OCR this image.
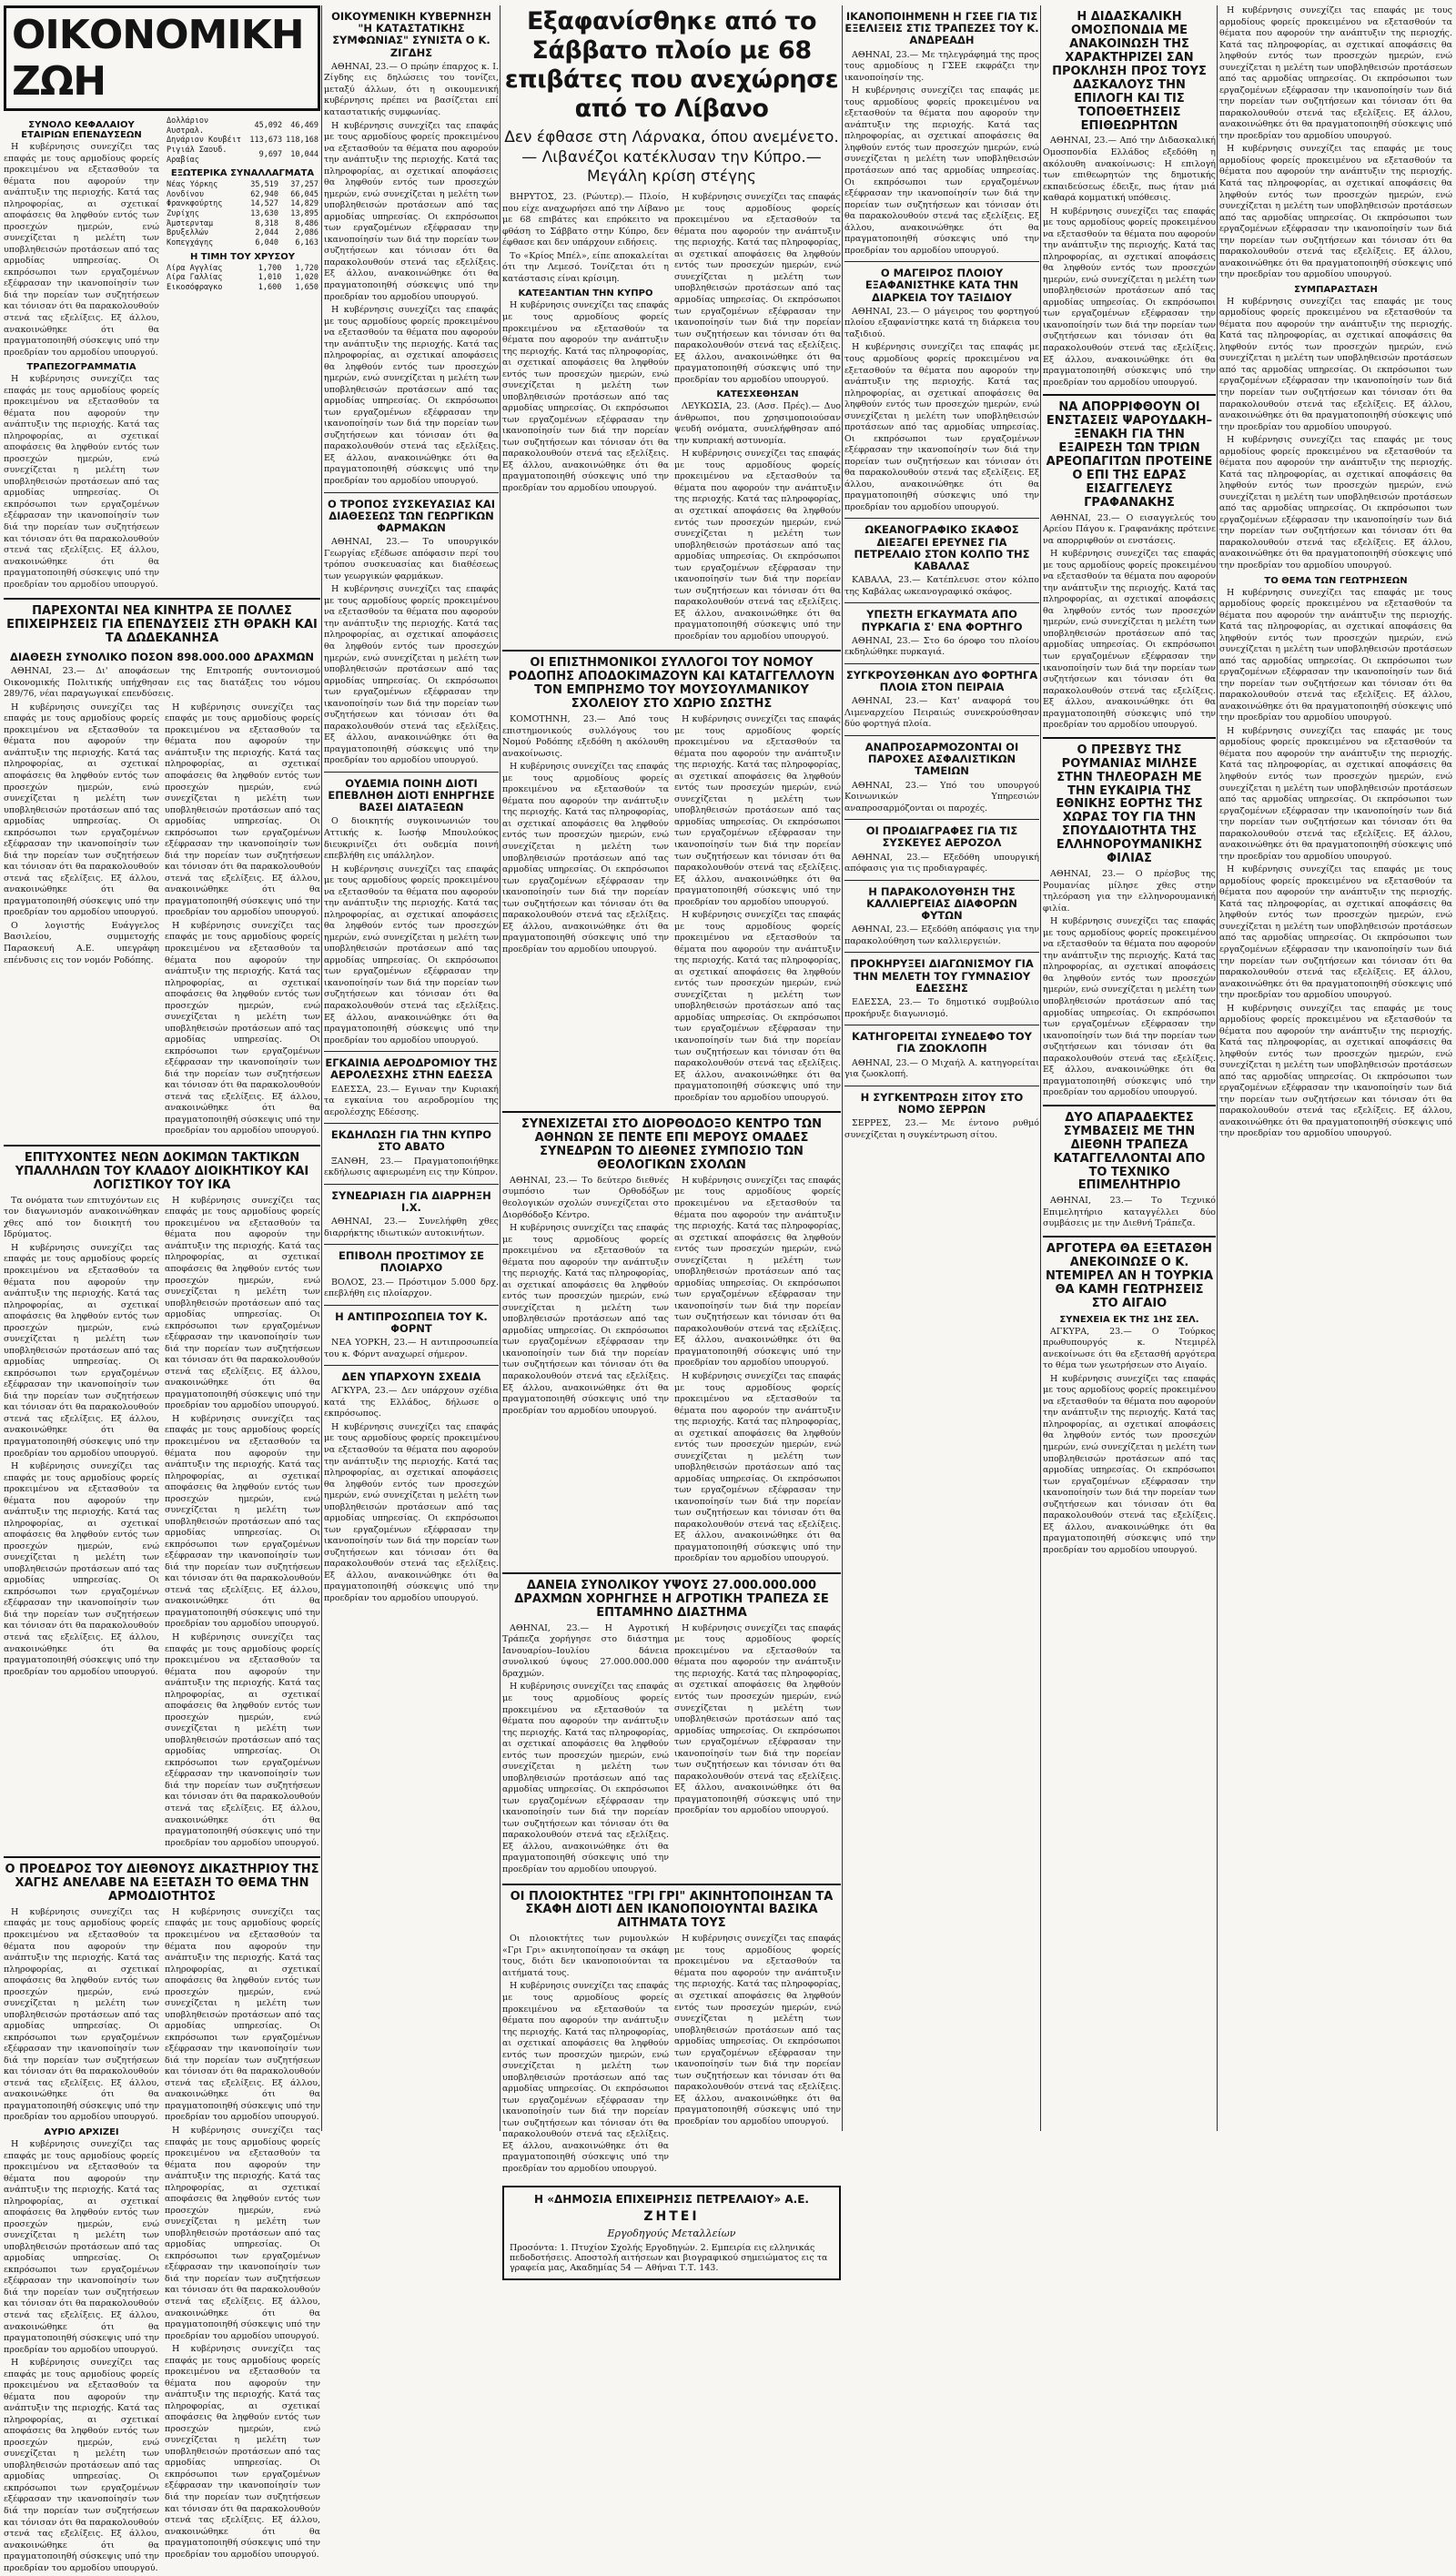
ΟΙΚΟΝΟΜΙΚΗ ΖΩΗ
ΣΥΝΟΛΟ ΚΕΦΑΛΑΙΟΥ ΕΤΑΙΡΙΩΝ ΕΠΕΝΔΥΣΕΩΝ

Η κυβέρνησις συνεχίζει τας επαφάς με τους αρμοδίους φορείς προκειμένου να εξετασθούν τα θέματα που αφορούν την ανάπτυξιν της περιοχής. Κατά τας πληροφορίας, αι σχετικαί αποφάσεις θα ληφθούν εντός των προσεχών ημερών, ενώ συνεχίζεται η μελέτη των υποβληθεισών προτάσεων από τας αρμοδίας υπηρεσίας. Οι εκπρόσωποι των εργαζομένων εξέφρασαν την ικανοποίησίν των διά την πορείαν των συζητήσεων και τόνισαν ότι θα παρακολουθούν στενά τας εξελίξεις. Εξ άλλου, ανακοινώθηκε ότι θα πραγματοποιηθή σύσκεψις υπό την προεδρίαν του αρμοδίου υπουργού.

ΤΡΑΠΕΖΟΓΡΑΜΜΑΤΙΑ

Η κυβέρνησις συνεχίζει τας επαφάς με τους αρμοδίους φορείς προκειμένου να εξετασθούν τα θέματα που αφορούν την ανάπτυξιν της περιοχής. Κατά τας πληροφορίας, αι σχετικαί αποφάσεις θα ληφθούν εντός των προσεχών ημερών, ενώ συνεχίζεται η μελέτη των υποβληθεισών προτάσεων από τας αρμοδίας υπηρεσίας. Οι εκπρόσωποι των εργαζομένων εξέφρασαν την ικανοποίησίν των διά την πορείαν των συζητήσεων και τόνισαν ότι θα παρακολουθούν στενά τας εξελίξεις. Εξ άλλου, ανακοινώθηκε ότι θα πραγματοποιηθή σύσκεψις υπό την προεδρίαν του αρμοδίου υπουργού.

Δολλάριον Αυστραλ.	45,092	46,469
Δηνάριον Κουβέιτ	113,673	118,168
Ριγιάλ Σαουδ. Αραβίας	9,697	10,044
ΕΞΩΤΕΡΙΚΑ ΣΥΝΑΛΛΑΓΜΑΤΑ
Νέας Υόρκης	35,519	37,257
Λονδίνου	62,940	66,045
Φρανκφούρτης	14,527	14,829
Ζυρίχης	13,630	13,895
Άμστερνταμ	8,318	8,486
Βρυξελλών	2,044	2,086
Κοπεγχάγης	6,040	6,163
Η ΤΙΜΗ ΤΟΥ ΧΡΥΣΟΥ
Λίρα Αγγλίας	1,700	1,720
Λίρα Γαλλίας	1,010	1,020
Εικοσόφραγκο	1,600	1,650
ΠΑΡΕΧΟΝΤΑΙ ΝΕΑ ΚΙΝΗΤΡΑ ΣΕ ΠΟΛΛΕΣ ΕΠΙΧΕΙΡΗΣΕΙΣ ΓΙΑ ΕΠΕΝΔΥΣΕΙΣ ΣΤΗ ΘΡΑΚΗ ΚΑΙ ΤΑ ΔΩΔΕΚΑΝΗΣΑ
ΔΙΑΘΕΣΗ ΣΥΝΟΛΙΚΟ ΠΟΣΟΝ 898.000.000 ΔΡΑΧΜΩΝ

ΑΘΗΝΑΙ, 23.— Δι' αποφάσεων της Επιτροπής συντονισμού Οικονομικής Πολιτικής υπήχθησαν εις τας διατάξεις του νόμου 289/76, νέαι παραγωγικαί επενδύσεις.

Η κυβέρνησις συνεχίζει τας επαφάς με τους αρμοδίους φορείς προκειμένου να εξετασθούν τα θέματα που αφορούν την ανάπτυξιν της περιοχής. Κατά τας πληροφορίας, αι σχετικαί αποφάσεις θα ληφθούν εντός των προσεχών ημερών, ενώ συνεχίζεται η μελέτη των υποβληθεισών προτάσεων από τας αρμοδίας υπηρεσίας. Οι εκπρόσωποι των εργαζομένων εξέφρασαν την ικανοποίησίν των διά την πορείαν των συζητήσεων και τόνισαν ότι θα παρακολουθούν στενά τας εξελίξεις. Εξ άλλου, ανακοινώθηκε ότι θα πραγματοποιηθή σύσκεψις υπό την προεδρίαν του αρμοδίου υπουργού.

Ο λογιστής Ευάγγελος Βασιλείου, συμμετοχής Παρασκευή Α.Ε. υπεγράφη επένδυσις εις τον νομόν Ροδόπης.

Η κυβέρνησις συνεχίζει τας επαφάς με τους αρμοδίους φορείς προκειμένου να εξετασθούν τα θέματα που αφορούν την ανάπτυξιν της περιοχής. Κατά τας πληροφορίας, αι σχετικαί αποφάσεις θα ληφθούν εντός των προσεχών ημερών, ενώ συνεχίζεται η μελέτη των υποβληθεισών προτάσεων από τας αρμοδίας υπηρεσίας. Οι εκπρόσωποι των εργαζομένων εξέφρασαν την ικανοποίησίν των διά την πορείαν των συζητήσεων και τόνισαν ότι θα παρακολουθούν στενά τας εξελίξεις. Εξ άλλου, ανακοινώθηκε ότι θα πραγματοποιηθή σύσκεψις υπό την προεδρίαν του αρμοδίου υπουργού.

Η κυβέρνησις συνεχίζει τας επαφάς με τους αρμοδίους φορείς προκειμένου να εξετασθούν τα θέματα που αφορούν την ανάπτυξιν της περιοχής. Κατά τας πληροφορίας, αι σχετικαί αποφάσεις θα ληφθούν εντός των προσεχών ημερών, ενώ συνεχίζεται η μελέτη των υποβληθεισών προτάσεων από τας αρμοδίας υπηρεσίας. Οι εκπρόσωποι των εργαζομένων εξέφρασαν την ικανοποίησίν των διά την πορείαν των συζητήσεων και τόνισαν ότι θα παρακολουθούν στενά τας εξελίξεις. Εξ άλλου, ανακοινώθηκε ότι θα πραγματοποιηθή σύσκεψις υπό την προεδρίαν του αρμοδίου υπουργού.

ΕΠΙΤΥΧΟΝΤΕΣ ΝΕΩΝ ΔΟΚΙΜΩΝ ΤΑΚΤΙΚΩΝ ΥΠΑΛΛΗΛΩΝ ΤΟΥ ΚΛΑΔΟΥ ΔΙΟΙΚΗΤΙΚΟΥ ΚΑΙ ΛΟΓΙΣΤΙΚΟΥ ΤΟΥ ΙΚΑ

Τα ονόματα των επιτυχόντων εις τον διαγωνισμόν ανακοινώθηκαν χθες από τον διοικητή του Ιδρύματος.

Η κυβέρνησις συνεχίζει τας επαφάς με τους αρμοδίους φορείς προκειμένου να εξετασθούν τα θέματα που αφορούν την ανάπτυξιν της περιοχής. Κατά τας πληροφορίας, αι σχετικαί αποφάσεις θα ληφθούν εντός των προσεχών ημερών, ενώ συνεχίζεται η μελέτη των υποβληθεισών προτάσεων από τας αρμοδίας υπηρεσίας. Οι εκπρόσωποι των εργαζομένων εξέφρασαν την ικανοποίησίν των διά την πορείαν των συζητήσεων και τόνισαν ότι θα παρακολουθούν στενά τας εξελίξεις. Εξ άλλου, ανακοινώθηκε ότι θα πραγματοποιηθή σύσκεψις υπό την προεδρίαν του αρμοδίου υπουργού.

Η κυβέρνησις συνεχίζει τας επαφάς με τους αρμοδίους φορείς προκειμένου να εξετασθούν τα θέματα που αφορούν την ανάπτυξιν της περιοχής. Κατά τας πληροφορίας, αι σχετικαί αποφάσεις θα ληφθούν εντός των προσεχών ημερών, ενώ συνεχίζεται η μελέτη των υποβληθεισών προτάσεων από τας αρμοδίας υπηρεσίας. Οι εκπρόσωποι των εργαζομένων εξέφρασαν την ικανοποίησίν των διά την πορείαν των συζητήσεων και τόνισαν ότι θα παρακολουθούν στενά τας εξελίξεις. Εξ άλλου, ανακοινώθηκε ότι θα πραγματοποιηθή σύσκεψις υπό την προεδρίαν του αρμοδίου υπουργού.

Η κυβέρνησις συνεχίζει τας επαφάς με τους αρμοδίους φορείς προκειμένου να εξετασθούν τα θέματα που αφορούν την ανάπτυξιν της περιοχής. Κατά τας πληροφορίας, αι σχετικαί αποφάσεις θα ληφθούν εντός των προσεχών ημερών, ενώ συνεχίζεται η μελέτη των υποβληθεισών προτάσεων από τας αρμοδίας υπηρεσίας. Οι εκπρόσωποι των εργαζομένων εξέφρασαν την ικανοποίησίν των διά την πορείαν των συζητήσεων και τόνισαν ότι θα παρακολουθούν στενά τας εξελίξεις. Εξ άλλου, ανακοινώθηκε ότι θα πραγματοποιηθή σύσκεψις υπό την προεδρίαν του αρμοδίου υπουργού.

Η κυβέρνησις συνεχίζει τας επαφάς με τους αρμοδίους φορείς προκειμένου να εξετασθούν τα θέματα που αφορούν την ανάπτυξιν της περιοχής. Κατά τας πληροφορίας, αι σχετικαί αποφάσεις θα ληφθούν εντός των προσεχών ημερών, ενώ συνεχίζεται η μελέτη των υποβληθεισών προτάσεων από τας αρμοδίας υπηρεσίας. Οι εκπρόσωποι των εργαζομένων εξέφρασαν την ικανοποίησίν των διά την πορείαν των συζητήσεων και τόνισαν ότι θα παρακολουθούν στενά τας εξελίξεις. Εξ άλλου, ανακοινώθηκε ότι θα πραγματοποιηθή σύσκεψις υπό την προεδρίαν του αρμοδίου υπουργού.

Η κυβέρνησις συνεχίζει τας επαφάς με τους αρμοδίους φορείς προκειμένου να εξετασθούν τα θέματα που αφορούν την ανάπτυξιν της περιοχής. Κατά τας πληροφορίας, αι σχετικαί αποφάσεις θα ληφθούν εντός των προσεχών ημερών, ενώ συνεχίζεται η μελέτη των υποβληθεισών προτάσεων από τας αρμοδίας υπηρεσίας. Οι εκπρόσωποι των εργαζομένων εξέφρασαν την ικανοποίησίν των διά την πορείαν των συζητήσεων και τόνισαν ότι θα παρακολουθούν στενά τας εξελίξεις. Εξ άλλου, ανακοινώθηκε ότι θα πραγματοποιηθή σύσκεψις υπό την προεδρίαν του αρμοδίου υπουργού.

Ο ΠΡΟΕΔΡΟΣ ΤΟΥ ΔΙΕΘΝΟΥΣ ΔΙΚΑΣΤΗΡΙΟΥ ΤΗΣ ΧΑΓΗΣ ΑΝΕΛΑΒΕ ΝΑ ΕΞΕΤΑΣΗ ΤΟ ΘΕΜΑ ΤΗΝ ΑΡΜΟΔΙΟΤΗΤΟΣ

Η κυβέρνησις συνεχίζει τας επαφάς με τους αρμοδίους φορείς προκειμένου να εξετασθούν τα θέματα που αφορούν την ανάπτυξιν της περιοχής. Κατά τας πληροφορίας, αι σχετικαί αποφάσεις θα ληφθούν εντός των προσεχών ημερών, ενώ συνεχίζεται η μελέτη των υποβληθεισών προτάσεων από τας αρμοδίας υπηρεσίας. Οι εκπρόσωποι των εργαζομένων εξέφρασαν την ικανοποίησίν των διά την πορείαν των συζητήσεων και τόνισαν ότι θα παρακολουθούν στενά τας εξελίξεις. Εξ άλλου, ανακοινώθηκε ότι θα πραγματοποιηθή σύσκεψις υπό την προεδρίαν του αρμοδίου υπουργού.

ΑΥΡΙΟ ΑΡΧΙΖΕΙ

Η κυβέρνησις συνεχίζει τας επαφάς με τους αρμοδίους φορείς προκειμένου να εξετασθούν τα θέματα που αφορούν την ανάπτυξιν της περιοχής. Κατά τας πληροφορίας, αι σχετικαί αποφάσεις θα ληφθούν εντός των προσεχών ημερών, ενώ συνεχίζεται η μελέτη των υποβληθεισών προτάσεων από τας αρμοδίας υπηρεσίας. Οι εκπρόσωποι των εργαζομένων εξέφρασαν την ικανοποίησίν των διά την πορείαν των συζητήσεων και τόνισαν ότι θα παρακολουθούν στενά τας εξελίξεις. Εξ άλλου, ανακοινώθηκε ότι θα πραγματοποιηθή σύσκεψις υπό την προεδρίαν του αρμοδίου υπουργού.

Η κυβέρνησις συνεχίζει τας επαφάς με τους αρμοδίους φορείς προκειμένου να εξετασθούν τα θέματα που αφορούν την ανάπτυξιν της περιοχής. Κατά τας πληροφορίας, αι σχετικαί αποφάσεις θα ληφθούν εντός των προσεχών ημερών, ενώ συνεχίζεται η μελέτη των υποβληθεισών προτάσεων από τας αρμοδίας υπηρεσίας. Οι εκπρόσωποι των εργαζομένων εξέφρασαν την ικανοποίησίν των διά την πορείαν των συζητήσεων και τόνισαν ότι θα παρακολουθούν στενά τας εξελίξεις. Εξ άλλου, ανακοινώθηκε ότι θα πραγματοποιηθή σύσκεψις υπό την προεδρίαν του αρμοδίου υπουργού.

Η κυβέρνησις συνεχίζει τας επαφάς με τους αρμοδίους φορείς προκειμένου να εξετασθούν τα θέματα που αφορούν την ανάπτυξιν της περιοχής. Κατά τας πληροφορίας, αι σχετικαί αποφάσεις θα ληφθούν εντός των προσεχών ημερών, ενώ συνεχίζεται η μελέτη των υποβληθεισών προτάσεων από τας αρμοδίας υπηρεσίας. Οι εκπρόσωποι των εργαζομένων εξέφρασαν την ικανοποίησίν των διά την πορείαν των συζητήσεων και τόνισαν ότι θα παρακολουθούν στενά τας εξελίξεις. Εξ άλλου, ανακοινώθηκε ότι θα πραγματοποιηθή σύσκεψις υπό την προεδρίαν του αρμοδίου υπουργού.

Η κυβέρνησις συνεχίζει τας επαφάς με τους αρμοδίους φορείς προκειμένου να εξετασθούν τα θέματα που αφορούν την ανάπτυξιν της περιοχής. Κατά τας πληροφορίας, αι σχετικαί αποφάσεις θα ληφθούν εντός των προσεχών ημερών, ενώ συνεχίζεται η μελέτη των υποβληθεισών προτάσεων από τας αρμοδίας υπηρεσίας. Οι εκπρόσωποι των εργαζομένων εξέφρασαν την ικανοποίησίν των διά την πορείαν των συζητήσεων και τόνισαν ότι θα παρακολουθούν στενά τας εξελίξεις. Εξ άλλου, ανακοινώθηκε ότι θα πραγματοποιηθή σύσκεψις υπό την προεδρίαν του αρμοδίου υπουργού.

Η κυβέρνησις συνεχίζει τας επαφάς με τους αρμοδίους φορείς προκειμένου να εξετασθούν τα θέματα που αφορούν την ανάπτυξιν της περιοχής. Κατά τας πληροφορίας, αι σχετικαί αποφάσεις θα ληφθούν εντός των προσεχών ημερών, ενώ συνεχίζεται η μελέτη των υποβληθεισών προτάσεων από τας αρμοδίας υπηρεσίας. Οι εκπρόσωποι των εργαζομένων εξέφρασαν την ικανοποίησίν των διά την πορείαν των συζητήσεων και τόνισαν ότι θα παρακολουθούν στενά τας εξελίξεις. Εξ άλλου, ανακοινώθηκε ότι θα πραγματοποιηθή σύσκεψις υπό την προεδρίαν του αρμοδίου υπουργού.

ΟΙΚΟΥΜΕΝΙΚΗ ΚΥΒΕΡΝΗΣΗ "Η ΚΑΤΑΣΤΑΤΙΚΗΣ ΣΥΜΦΩΝΙΑΣ" ΣΥΝΙΣΤΑ Ο Κ. ΖΙΓΔΗΣ

ΑΘΗΝΑΙ, 23.— Ο πρώην έπαρχος κ. Ι. Ζίγδης εις δηλώσεις του τονίζει, μεταξύ άλλων, ότι η οικουμενική κυβέρνησις πρέπει να βασίζεται επί καταστατικής συμφωνίας.

Η κυβέρνησις συνεχίζει τας επαφάς με τους αρμοδίους φορείς προκειμένου να εξετασθούν τα θέματα που αφορούν την ανάπτυξιν της περιοχής. Κατά τας πληροφορίας, αι σχετικαί αποφάσεις θα ληφθούν εντός των προσεχών ημερών, ενώ συνεχίζεται η μελέτη των υποβληθεισών προτάσεων από τας αρμοδίας υπηρεσίας. Οι εκπρόσωποι των εργαζομένων εξέφρασαν την ικανοποίησίν των διά την πορείαν των συζητήσεων και τόνισαν ότι θα παρακολουθούν στενά τας εξελίξεις. Εξ άλλου, ανακοινώθηκε ότι θα πραγματοποιηθή σύσκεψις υπό την προεδρίαν του αρμοδίου υπουργού.

Η κυβέρνησις συνεχίζει τας επαφάς με τους αρμοδίους φορείς προκειμένου να εξετασθούν τα θέματα που αφορούν την ανάπτυξιν της περιοχής. Κατά τας πληροφορίας, αι σχετικαί αποφάσεις θα ληφθούν εντός των προσεχών ημερών, ενώ συνεχίζεται η μελέτη των υποβληθεισών προτάσεων από τας αρμοδίας υπηρεσίας. Οι εκπρόσωποι των εργαζομένων εξέφρασαν την ικανοποίησίν των διά την πορείαν των συζητήσεων και τόνισαν ότι θα παρακολουθούν στενά τας εξελίξεις. Εξ άλλου, ανακοινώθηκε ότι θα πραγματοποιηθή σύσκεψις υπό την προεδρίαν του αρμοδίου υπουργού.

Ο ΤΡΟΠΟΣ ΣΥΣΚΕΥΑΣΙΑΣ ΚΑΙ ΔΙΑΘΕΣΕΩΣ ΤΩΝ ΓΕΩΡΓΙΚΩΝ ΦΑΡΜΑΚΩΝ

ΑΘΗΝΑΙ, 23.— Το υπουργικόν Γεωργίας εξέδωσε απόφασιν περί του τρόπου συσκευασίας και διαθέσεως των γεωργικών φαρμάκων.

Η κυβέρνησις συνεχίζει τας επαφάς με τους αρμοδίους φορείς προκειμένου να εξετασθούν τα θέματα που αφορούν την ανάπτυξιν της περιοχής. Κατά τας πληροφορίας, αι σχετικαί αποφάσεις θα ληφθούν εντός των προσεχών ημερών, ενώ συνεχίζεται η μελέτη των υποβληθεισών προτάσεων από τας αρμοδίας υπηρεσίας. Οι εκπρόσωποι των εργαζομένων εξέφρασαν την ικανοποίησίν των διά την πορείαν των συζητήσεων και τόνισαν ότι θα παρακολουθούν στενά τας εξελίξεις. Εξ άλλου, ανακοινώθηκε ότι θα πραγματοποιηθή σύσκεψις υπό την προεδρίαν του αρμοδίου υπουργού.

ΟΥΔΕΜΙΑ ΠΟΙΝΗ ΔΙΟΤΙ ΕΠΕΒΛΗΘΗ ΔΙΟΤΙ ΕΝΗΡΓΗΣΕ ΒΑΣΕΙ ΔΙΑΤΑΞΕΩΝ

Ο διοικητής συγκοινωνιών του Αττικής κ. Ιωσήφ Μπουλούκος διευκρινίζει ότι ουδεμία ποινή επεβλήθη εις υπάλληλον.

Η κυβέρνησις συνεχίζει τας επαφάς με τους αρμοδίους φορείς προκειμένου να εξετασθούν τα θέματα που αφορούν την ανάπτυξιν της περιοχής. Κατά τας πληροφορίας, αι σχετικαί αποφάσεις θα ληφθούν εντός των προσεχών ημερών, ενώ συνεχίζεται η μελέτη των υποβληθεισών προτάσεων από τας αρμοδίας υπηρεσίας. Οι εκπρόσωποι των εργαζομένων εξέφρασαν την ικανοποίησίν των διά την πορείαν των συζητήσεων και τόνισαν ότι θα παρακολουθούν στενά τας εξελίξεις. Εξ άλλου, ανακοινώθηκε ότι θα πραγματοποιηθή σύσκεψις υπό την προεδρίαν του αρμοδίου υπουργού.

ΕΓΚΑΙΝΙΑ ΑΕΡΟΔΡΟΜΙΟΥ ΤΗΣ ΑΕΡΟΛΕΣΧΗΣ ΣΤΗΝ ΕΔΕΣΣΑ

ΕΔΕΣΣΑ, 23.— Εγιναν την Κυριακή τα εγκαίνια του αεροδρομίου της αερολέσχης Εδέσσης.

ΕΚΔΗΛΩΣΗ ΓΙΑ ΤΗΝ ΚΥΠΡΟ ΣΤΟ ΑΒΑΤΟ

ΞΑΝΘΗ, 23.— Πραγματοποιήθηκε εκδήλωσις αφιερωμένη εις την Κύπρον.

ΣΥΝΕΔΡΙΑΣΗ ΓΙΑ ΔΙΑΡΡΗΞΗ Ι.Χ.

ΑΘΗΝΑΙ, 23.— Συνελήφθη χθες διαρρήκτης ιδιωτικών αυτοκινήτων.

ΕΠΙΒΟΛΗ ΠΡΟΣΤΙΜΟΥ ΣΕ ΠΛΟΙΑΡΧΟ

ΒΟΛΟΣ, 23.— Πρόστιμον 5.000 δρχ. επεβλήθη εις πλοίαρχον.

Η ΑΝΤΙΠΡΟΣΩΠΕΙΑ ΤΟΥ Κ. ΦΟΡΝΤ

ΝΕΑ ΥΟΡΚΗ, 23.— Η αντιπροσωπεία του κ. Φόρντ αναχωρεί σήμερον.

ΔΕΝ ΥΠΑΡΧΟΥΝ ΣΧΕΔΙΑ

ΑΓΚΥΡΑ, 23.— Δεν υπάρχουν σχέδια κατά της Ελλάδος, δήλωσε ο εκπρόσωπος.

Η κυβέρνησις συνεχίζει τας επαφάς με τους αρμοδίους φορείς προκειμένου να εξετασθούν τα θέματα που αφορούν την ανάπτυξιν της περιοχής. Κατά τας πληροφορίας, αι σχετικαί αποφάσεις θα ληφθούν εντός των προσεχών ημερών, ενώ συνεχίζεται η μελέτη των υποβληθεισών προτάσεων από τας αρμοδίας υπηρεσίας. Οι εκπρόσωποι των εργαζομένων εξέφρασαν την ικανοποίησίν των διά την πορείαν των συζητήσεων και τόνισαν ότι θα παρακολουθούν στενά τας εξελίξεις. Εξ άλλου, ανακοινώθηκε ότι θα πραγματοποιηθή σύσκεψις υπό την προεδρίαν του αρμοδίου υπουργού.

Εξαφανίσθηκε από το Σάββατο πλοίο με 68 επιβάτες που ανεχώρησε από το Λίβανο
Δεν έφθασε στη Λάρνακα, όπου ανεμένετο.— Λιβανέζοι κατέκλυσαν την Κύπρο.— Μεγάλη κρίση στέγης

ΒΗΡΥΤΟΣ, 23. (Ρώυτερ).— Πλοίο, που είχε αναχωρήσει από την Λίβανο με 68 επιβάτες και επρόκειτο να φθάση το Σάββατο στην Κύπρο, δεν έφθασε και δεν υπάρχουν ειδήσεις.

Το «Κρίος Μπέλ», είπε αποκαλείται ότι την Λεμεσό. Τονίζεται ότι η κατάστασις είναι κρίσιμη.

ΚΑΤΕΞΑΝΤΙΑΝ ΤΗΝ ΚΥΠΡΟ

Η κυβέρνησις συνεχίζει τας επαφάς με τους αρμοδίους φορείς προκειμένου να εξετασθούν τα θέματα που αφορούν την ανάπτυξιν της περιοχής. Κατά τας πληροφορίας, αι σχετικαί αποφάσεις θα ληφθούν εντός των προσεχών ημερών, ενώ συνεχίζεται η μελέτη των υποβληθεισών προτάσεων από τας αρμοδίας υπηρεσίας. Οι εκπρόσωποι των εργαζομένων εξέφρασαν την ικανοποίησίν των διά την πορείαν των συζητήσεων και τόνισαν ότι θα παρακολουθούν στενά τας εξελίξεις. Εξ άλλου, ανακοινώθηκε ότι θα πραγματοποιηθή σύσκεψις υπό την προεδρίαν του αρμοδίου υπουργού.

Η κυβέρνησις συνεχίζει τας επαφάς με τους αρμοδίους φορείς προκειμένου να εξετασθούν τα θέματα που αφορούν την ανάπτυξιν της περιοχής. Κατά τας πληροφορίας, αι σχετικαί αποφάσεις θα ληφθούν εντός των προσεχών ημερών, ενώ συνεχίζεται η μελέτη των υποβληθεισών προτάσεων από τας αρμοδίας υπηρεσίας. Οι εκπρόσωποι των εργαζομένων εξέφρασαν την ικανοποίησίν των διά την πορείαν των συζητήσεων και τόνισαν ότι θα παρακολουθούν στενά τας εξελίξεις. Εξ άλλου, ανακοινώθηκε ότι θα πραγματοποιηθή σύσκεψις υπό την προεδρίαν του αρμοδίου υπουργού.

ΚΑΤΕΣΧΕΘΗΣΑΝ

ΛΕΥΚΩΣΙΑ, 23. (Ασσ. Πρές).— Δυο άνθρωποι, που χρησιμοποιούσαν ψευδή ονόματα, συνελήφθησαν από την κυπριακή αστυνομία.

Η κυβέρνησις συνεχίζει τας επαφάς με τους αρμοδίους φορείς προκειμένου να εξετασθούν τα θέματα που αφορούν την ανάπτυξιν της περιοχής. Κατά τας πληροφορίας, αι σχετικαί αποφάσεις θα ληφθούν εντός των προσεχών ημερών, ενώ συνεχίζεται η μελέτη των υποβληθεισών προτάσεων από τας αρμοδίας υπηρεσίας. Οι εκπρόσωποι των εργαζομένων εξέφρασαν την ικανοποίησίν των διά την πορείαν των συζητήσεων και τόνισαν ότι θα παρακολουθούν στενά τας εξελίξεις. Εξ άλλου, ανακοινώθηκε ότι θα πραγματοποιηθή σύσκεψις υπό την προεδρίαν του αρμοδίου υπουργού.

ΟΙ ΕΠΙΣΤΗΜΟΝΙΚΟΙ ΣΥΛΛΟΓΟΙ ΤΟΥ ΝΟΜΟΥ ΡΟΔΟΠΗΣ ΑΠΟΔΟΚΙΜΑΖΟΥΝ ΚΑΙ ΚΑΤΑΓΓΕΛΛΟΥΝ ΤΟΝ ΕΜΠΡΗΣΜΟ ΤΟΥ ΜΟΥΣΟΥΛΜΑΝΙΚΟΥ ΣΧΟΛΕΙΟΥ ΣΤΟ ΧΩΡΙΟ ΣΩΣΤΗΣ

ΚΟΜΟΤΗΝΗ, 23.— Από τους επιστημονικούς συλλόγους του Νομού Ροδόπης εξεδόθη η ακόλουθη ανακοίνωσις.

Η κυβέρνησις συνεχίζει τας επαφάς με τους αρμοδίους φορείς προκειμένου να εξετασθούν τα θέματα που αφορούν την ανάπτυξιν της περιοχής. Κατά τας πληροφορίας, αι σχετικαί αποφάσεις θα ληφθούν εντός των προσεχών ημερών, ενώ συνεχίζεται η μελέτη των υποβληθεισών προτάσεων από τας αρμοδίας υπηρεσίας. Οι εκπρόσωποι των εργαζομένων εξέφρασαν την ικανοποίησίν των διά την πορείαν των συζητήσεων και τόνισαν ότι θα παρακολουθούν στενά τας εξελίξεις. Εξ άλλου, ανακοινώθηκε ότι θα πραγματοποιηθή σύσκεψις υπό την προεδρίαν του αρμοδίου υπουργού.

Η κυβέρνησις συνεχίζει τας επαφάς με τους αρμοδίους φορείς προκειμένου να εξετασθούν τα θέματα που αφορούν την ανάπτυξιν της περιοχής. Κατά τας πληροφορίας, αι σχετικαί αποφάσεις θα ληφθούν εντός των προσεχών ημερών, ενώ συνεχίζεται η μελέτη των υποβληθεισών προτάσεων από τας αρμοδίας υπηρεσίας. Οι εκπρόσωποι των εργαζομένων εξέφρασαν την ικανοποίησίν των διά την πορείαν των συζητήσεων και τόνισαν ότι θα παρακολουθούν στενά τας εξελίξεις. Εξ άλλου, ανακοινώθηκε ότι θα πραγματοποιηθή σύσκεψις υπό την προεδρίαν του αρμοδίου υπουργού.

Η κυβέρνησις συνεχίζει τας επαφάς με τους αρμοδίους φορείς προκειμένου να εξετασθούν τα θέματα που αφορούν την ανάπτυξιν της περιοχής. Κατά τας πληροφορίας, αι σχετικαί αποφάσεις θα ληφθούν εντός των προσεχών ημερών, ενώ συνεχίζεται η μελέτη των υποβληθεισών προτάσεων από τας αρμοδίας υπηρεσίας. Οι εκπρόσωποι των εργαζομένων εξέφρασαν την ικανοποίησίν των διά την πορείαν των συζητήσεων και τόνισαν ότι θα παρακολουθούν στενά τας εξελίξεις. Εξ άλλου, ανακοινώθηκε ότι θα πραγματοποιηθή σύσκεψις υπό την προεδρίαν του αρμοδίου υπουργού.

ΣΥΝΕΧΙΖΕΤΑΙ ΣΤΟ ΔΙΟΡΘΟΔΟΞΟ ΚΕΝΤΡΟ ΤΩΝ ΑΘΗΝΩΝ ΣΕ ΠΕΝΤΕ ΕΠΙ ΜΕΡΟΥΣ ΟΜΑΔΕΣ ΣΥΝΕΔΡΩΝ ΤΟ ΔΙΕΘΝΕΣ ΣΥΜΠΟΣΙΟ ΤΩΝ ΘΕΟΛΟΓΙΚΩΝ ΣΧΟΛΩΝ

ΑΘΗΝΑΙ, 23.— Το δεύτερο διεθνές συμπόσιο των Ορθοδόξων θεολογικών σχολών συνεχίζεται στο Διορθόδοξο Κέντρο.

Η κυβέρνησις συνεχίζει τας επαφάς με τους αρμοδίους φορείς προκειμένου να εξετασθούν τα θέματα που αφορούν την ανάπτυξιν της περιοχής. Κατά τας πληροφορίας, αι σχετικαί αποφάσεις θα ληφθούν εντός των προσεχών ημερών, ενώ συνεχίζεται η μελέτη των υποβληθεισών προτάσεων από τας αρμοδίας υπηρεσίας. Οι εκπρόσωποι των εργαζομένων εξέφρασαν την ικανοποίησίν των διά την πορείαν των συζητήσεων και τόνισαν ότι θα παρακολουθούν στενά τας εξελίξεις. Εξ άλλου, ανακοινώθηκε ότι θα πραγματοποιηθή σύσκεψις υπό την προεδρίαν του αρμοδίου υπουργού.

Η κυβέρνησις συνεχίζει τας επαφάς με τους αρμοδίους φορείς προκειμένου να εξετασθούν τα θέματα που αφορούν την ανάπτυξιν της περιοχής. Κατά τας πληροφορίας, αι σχετικαί αποφάσεις θα ληφθούν εντός των προσεχών ημερών, ενώ συνεχίζεται η μελέτη των υποβληθεισών προτάσεων από τας αρμοδίας υπηρεσίας. Οι εκπρόσωποι των εργαζομένων εξέφρασαν την ικανοποίησίν των διά την πορείαν των συζητήσεων και τόνισαν ότι θα παρακολουθούν στενά τας εξελίξεις. Εξ άλλου, ανακοινώθηκε ότι θα πραγματοποιηθή σύσκεψις υπό την προεδρίαν του αρμοδίου υπουργού.

Η κυβέρνησις συνεχίζει τας επαφάς με τους αρμοδίους φορείς προκειμένου να εξετασθούν τα θέματα που αφορούν την ανάπτυξιν της περιοχής. Κατά τας πληροφορίας, αι σχετικαί αποφάσεις θα ληφθούν εντός των προσεχών ημερών, ενώ συνεχίζεται η μελέτη των υποβληθεισών προτάσεων από τας αρμοδίας υπηρεσίας. Οι εκπρόσωποι των εργαζομένων εξέφρασαν την ικανοποίησίν των διά την πορείαν των συζητήσεων και τόνισαν ότι θα παρακολουθούν στενά τας εξελίξεις. Εξ άλλου, ανακοινώθηκε ότι θα πραγματοποιηθή σύσκεψις υπό την προεδρίαν του αρμοδίου υπουργού.

ΔΑΝΕΙΑ ΣΥΝΟΛΙΚΟΥ ΥΨΟΥΣ 27.000.000.000 ΔΡΑΧΜΩΝ ΧΟΡΗΓΗΣΕ Η ΑΓΡΟΤΙΚΗ ΤΡΑΠΕΖΑ ΣΕ ΕΠΤΑΜΗΝΟ ΔΙΑΣΤΗΜΑ

ΑΘΗΝΑΙ, 23.— Η Αγροτική Τράπεζα χορήγησε στο διάστημα Ιανουαρίου–Ιουλίου δάνεια συνολικού ύψους 27.000.000.000 δραχμών.

Η κυβέρνησις συνεχίζει τας επαφάς με τους αρμοδίους φορείς προκειμένου να εξετασθούν τα θέματα που αφορούν την ανάπτυξιν της περιοχής. Κατά τας πληροφορίας, αι σχετικαί αποφάσεις θα ληφθούν εντός των προσεχών ημερών, ενώ συνεχίζεται η μελέτη των υποβληθεισών προτάσεων από τας αρμοδίας υπηρεσίας. Οι εκπρόσωποι των εργαζομένων εξέφρασαν την ικανοποίησίν των διά την πορείαν των συζητήσεων και τόνισαν ότι θα παρακολουθούν στενά τας εξελίξεις. Εξ άλλου, ανακοινώθηκε ότι θα πραγματοποιηθή σύσκεψις υπό την προεδρίαν του αρμοδίου υπουργού.

Η κυβέρνησις συνεχίζει τας επαφάς με τους αρμοδίους φορείς προκειμένου να εξετασθούν τα θέματα που αφορούν την ανάπτυξιν της περιοχής. Κατά τας πληροφορίας, αι σχετικαί αποφάσεις θα ληφθούν εντός των προσεχών ημερών, ενώ συνεχίζεται η μελέτη των υποβληθεισών προτάσεων από τας αρμοδίας υπηρεσίας. Οι εκπρόσωποι των εργαζομένων εξέφρασαν την ικανοποίησίν των διά την πορείαν των συζητήσεων και τόνισαν ότι θα παρακολουθούν στενά τας εξελίξεις. Εξ άλλου, ανακοινώθηκε ότι θα πραγματοποιηθή σύσκεψις υπό την προεδρίαν του αρμοδίου υπουργού.

ΟΙ ΠΛΟΙΟΚΤΗΤΕΣ "ΓΡΙ ΓΡΙ" ΑΚΙΝΗΤΟΠΟΙΗΣΑΝ ΤΑ ΣΚΑΦΗ ΔΙΟΤΙ ΔΕΝ ΙΚΑΝΟΠΟΙΟΥΝΤΑΙ ΒΑΣΙΚΑ ΑΙΤΗΜΑΤΑ ΤΟΥΣ

Οι πλοιοκτήτες των ρυμουλκών «Γρι Γρι» ακινητοποίησαν τα σκάφη τους, διότι δεν ικανοποιούνται τα αιτήματά τους.

Η κυβέρνησις συνεχίζει τας επαφάς με τους αρμοδίους φορείς προκειμένου να εξετασθούν τα θέματα που αφορούν την ανάπτυξιν της περιοχής. Κατά τας πληροφορίας, αι σχετικαί αποφάσεις θα ληφθούν εντός των προσεχών ημερών, ενώ συνεχίζεται η μελέτη των υποβληθεισών προτάσεων από τας αρμοδίας υπηρεσίας. Οι εκπρόσωποι των εργαζομένων εξέφρασαν την ικανοποίησίν των διά την πορείαν των συζητήσεων και τόνισαν ότι θα παρακολουθούν στενά τας εξελίξεις. Εξ άλλου, ανακοινώθηκε ότι θα πραγματοποιηθή σύσκεψις υπό την προεδρίαν του αρμοδίου υπουργού.

Η κυβέρνησις συνεχίζει τας επαφάς με τους αρμοδίους φορείς προκειμένου να εξετασθούν τα θέματα που αφορούν την ανάπτυξιν της περιοχής. Κατά τας πληροφορίας, αι σχετικαί αποφάσεις θα ληφθούν εντός των προσεχών ημερών, ενώ συνεχίζεται η μελέτη των υποβληθεισών προτάσεων από τας αρμοδίας υπηρεσίας. Οι εκπρόσωποι των εργαζομένων εξέφρασαν την ικανοποίησίν των διά την πορείαν των συζητήσεων και τόνισαν ότι θα παρακολουθούν στενά τας εξελίξεις. Εξ άλλου, ανακοινώθηκε ότι θα πραγματοποιηθή σύσκεψις υπό την προεδρίαν του αρμοδίου υπουργού.

Η «ΔΗΜΟΣΙΑ ΕΠΙΧΕΙΡΗΣΙΣ ΠΕΤΡΕΛΑΙΟΥ» Α.Ε.
ΖΗΤΕΙ
Εργοδηγούς Μεταλλείων
Προσόντα: 1. Πτυχίον Σχολής Εργοδηγών. 2. Εμπειρία εις ελληνικάς πεδοδοτήσεις. Αποστολή αιτήσεων και βιογραφικού σημειώματος εις τα γραφεία μας, Ακαδημίας 54 — Αθήναι Τ.Τ. 143.
ΙΚΑΝΟΠΟΙΗΜΕΝΗ Η ΓΣΕΕ ΓΙΑ ΤΙΣ ΕΞΕΛΙΞΕΙΣ ΣΤΙΣ ΤΡΑΠΕΖΕΣ ΤΟΥ Κ. ΑΝΔΡΕΑΔΗ

ΑΘΗΝΑΙ, 23.— Με τηλεγράφημά της προς τους αρμοδίους η ΓΣΕΕ εκφράζει την ικανοποίησίν της.

Η κυβέρνησις συνεχίζει τας επαφάς με τους αρμοδίους φορείς προκειμένου να εξετασθούν τα θέματα που αφορούν την ανάπτυξιν της περιοχής. Κατά τας πληροφορίας, αι σχετικαί αποφάσεις θα ληφθούν εντός των προσεχών ημερών, ενώ συνεχίζεται η μελέτη των υποβληθεισών προτάσεων από τας αρμοδίας υπηρεσίας. Οι εκπρόσωποι των εργαζομένων εξέφρασαν την ικανοποίησίν των διά την πορείαν των συζητήσεων και τόνισαν ότι θα παρακολουθούν στενά τας εξελίξεις. Εξ άλλου, ανακοινώθηκε ότι θα πραγματοποιηθή σύσκεψις υπό την προεδρίαν του αρμοδίου υπουργού.

Ο ΜΑΓΕΙΡΟΣ ΠΛΟΙΟΥ ΕΞΑΦΑΝΙΣΤΗΚΕ ΚΑΤΑ ΤΗΝ ΔΙΑΡΚΕΙΑ ΤΟΥ ΤΑΞΙΔΙΟΥ

ΑΘΗΝΑΙ, 23.— Ο μάγειρος του φορτηγού πλοίου εξαφανίστηκε κατά τη διάρκεια του ταξιδιού.

Η κυβέρνησις συνεχίζει τας επαφάς με τους αρμοδίους φορείς προκειμένου να εξετασθούν τα θέματα που αφορούν την ανάπτυξιν της περιοχής. Κατά τας πληροφορίας, αι σχετικαί αποφάσεις θα ληφθούν εντός των προσεχών ημερών, ενώ συνεχίζεται η μελέτη των υποβληθεισών προτάσεων από τας αρμοδίας υπηρεσίας. Οι εκπρόσωποι των εργαζομένων εξέφρασαν την ικανοποίησίν των διά την πορείαν των συζητήσεων και τόνισαν ότι θα παρακολουθούν στενά τας εξελίξεις. Εξ άλλου, ανακοινώθηκε ότι θα πραγματοποιηθή σύσκεψις υπό την προεδρίαν του αρμοδίου υπουργού.

ΩΚΕΑΝΟΓΡΑΦΙΚΟ ΣΚΑΦΟΣ ΔΙΕΞΑΓΕΙ ΕΡΕΥΝΕΣ ΓΙΑ ΠΕΤΡΕΛΑΙΟ ΣΤΟΝ ΚΟΛΠΟ ΤΗΣ ΚΑΒΑΛΑΣ

ΚΑΒΑΛΑ, 23.— Κατέπλευσε στον κόλπο της Καβάλας ωκεανογραφικό σκάφος.

ΥΠΕΣΤΗ ΕΓΚΑΥΜΑΤΑ ΑΠΟ ΠΥΡΚΑΓΙΑ Σ' ΕΝΑ ΦΟΡΤΗΓΟ

ΑΘΗΝΑΙ, 23.— Στο 6ο όροφο του πλοίου εκδηλώθηκε πυρκαγιά.

ΣΥΓΚΡΟΥΣΘΗΚΑΝ ΔΥΟ ΦΟΡΤΗΓΑ ΠΛΟΙΑ ΣΤΟΝ ΠΕΙΡΑΙΑ

ΑΘΗΝΑΙ, 23.— Κατ' αναφορά του Λιμεναρχείου Πειραιώς συνεκρούσθησαν δύο φορτηγά πλοία.

ΑΝΑΠΡΟΣΑΡΜΟΖΟΝΤΑΙ ΟΙ ΠΑΡΟΧΕΣ ΑΣΦΑΛΙΣΤΙΚΩΝ ΤΑΜΕΙΩΝ

ΑΘΗΝΑΙ, 23.— Υπό του υπουργού Κοινωνικών Υπηρεσιών αναπροσαρμόζονται οι παροχές.

ΟΙ ΠΡΟΔΙΑΓΡΑΦΕΣ ΓΙΑ ΤΙΣ ΣΥΣΚΕΥΕΣ ΑΕΡΟΖΟΛ

ΑΘΗΝΑΙ, 23.— Εξεδόθη υπουργική απόφασις για τις προδιαγραφές.

Η ΠΑΡΑΚΟΛΟΥΘΗΣΗ ΤΗΣ ΚΑΛΛΙΕΡΓΕΙΑΣ ΔΙΑΦΟΡΩΝ ΦΥΤΩΝ

ΑΘΗΝΑΙ, 23.— Εξεδόθη απόφασις για την παρακολούθηση των καλλιεργειών.

ΠΡΟΚΗΡΥΞΕΙ ΔΙΑΓΩΝΙΣΜΟΥ ΓΙΑ ΤΗΝ ΜΕΛΕΤΗ ΤΟΥ ΓΥΜΝΑΣΙΟΥ ΕΔΕΣΣΗΣ

ΕΔΕΣΣΑ, 23.— Το δημοτικό συμβούλιο προκήρυξε διαγωνισμό.

ΚΑΤΗΓΟΡΕΙΤΑΙ ΣΥΝΕΔΕΦΟ ΤΟΥ ΓΙΑ ΖΩΟΚΛΟΠΗ

ΑΘΗΝΑΙ, 23.— Ο Μιχαήλ Α. κατηγορείται για ζωοκλοπή.

Η ΣΥΓΚΕΝΤΡΩΣΗ ΣΙΤΟΥ ΣΤΟ ΝΟΜΟ ΣΕΡΡΩΝ

ΣΕΡΡΕΣ, 23.— Με έντονο ρυθμό συνεχίζεται η συγκέντρωση σίτου.

Η ΔΙΔΑΣΚΑΛΙΚΗ ΟΜΟΣΠΟΝΔΙΑ ΜΕ ΑΝΑΚΟΙΝΩΣΗ ΤΗΣ ΧΑΡΑΚΤΗΡΙΖΕΙ ΣΑΝ ΠΡΟΚΛΗΣΗ ΠΡΟΣ ΤΟΥΣ ΔΑΣΚΑΛΟΥΣ ΤΗΝ ΕΠΙΛΟΓΗ ΚΑΙ ΤΙΣ ΤΟΠΟΘΕΤΗΣΕΙΣ ΕΠΙΘΕΩΡΗΤΩΝ

ΑΘΗΝΑΙ, 23.— Από την Διδασκαλική Ομοσπονδία Ελλάδος εξεδόθη η ακόλουθη ανακοίνωσις: Η επιλογή των επιθεωρητών της δημοτικής εκπαιδεύσεως έδειξε, πως ήταν μιά καθαρά κομματική υπόθεσις.

Η κυβέρνησις συνεχίζει τας επαφάς με τους αρμοδίους φορείς προκειμένου να εξετασθούν τα θέματα που αφορούν την ανάπτυξιν της περιοχής. Κατά τας πληροφορίας, αι σχετικαί αποφάσεις θα ληφθούν εντός των προσεχών ημερών, ενώ συνεχίζεται η μελέτη των υποβληθεισών προτάσεων από τας αρμοδίας υπηρεσίας. Οι εκπρόσωποι των εργαζομένων εξέφρασαν την ικανοποίησίν των διά την πορείαν των συζητήσεων και τόνισαν ότι θα παρακολουθούν στενά τας εξελίξεις. Εξ άλλου, ανακοινώθηκε ότι θα πραγματοποιηθή σύσκεψις υπό την προεδρίαν του αρμοδίου υπουργού.

ΝΑ ΑΠΟΡΡΙΦΘΟΥΝ ΟΙ ΕΝΣΤΑΣΕΙΣ ΨΑΡΟΥΔΑΚΗ–ΞΕΝΑΚΗ ΓΙΑ ΤΗΝ ΕΞΑΙΡΕΣΗ ΤΩΝ ΤΡΙΩΝ ΑΡΕΟΠΑΓΙΤΩΝ ΠΡΟΤΕΙΝΕ Ο ΕΠΙ ΤΗΣ ΕΔΡΑΣ ΕΙΣΑΓΓΕΛΕΥΣ ΓΡΑΦΑΝΑΚΗΣ

ΑΘΗΝΑΙ, 23.— Ο εισαγγελεύς του Αρείου Πάγου κ. Γραφανάκης πρότεινε να απορριφθούν οι ενστάσεις.

Η κυβέρνησις συνεχίζει τας επαφάς με τους αρμοδίους φορείς προκειμένου να εξετασθούν τα θέματα που αφορούν την ανάπτυξιν της περιοχής. Κατά τας πληροφορίας, αι σχετικαί αποφάσεις θα ληφθούν εντός των προσεχών ημερών, ενώ συνεχίζεται η μελέτη των υποβληθεισών προτάσεων από τας αρμοδίας υπηρεσίας. Οι εκπρόσωποι των εργαζομένων εξέφρασαν την ικανοποίησίν των διά την πορείαν των συζητήσεων και τόνισαν ότι θα παρακολουθούν στενά τας εξελίξεις. Εξ άλλου, ανακοινώθηκε ότι θα πραγματοποιηθή σύσκεψις υπό την προεδρίαν του αρμοδίου υπουργού.

Ο ΠΡΕΣΒΥΣ ΤΗΣ ΡΟΥΜΑΝΙΑΣ ΜΙΛΗΣΕ ΣΤΗΝ ΤΗΛΕΟΡΑΣΗ ΜΕ ΤΗΝ ΕΥΚΑΙΡΙΑ ΤΗΣ ΕΘΝΙΚΗΣ ΕΟΡΤΗΣ ΤΗΣ ΧΩΡΑΣ ΤΟΥ ΓΙΑ ΤΗΝ ΣΠΟΥΔΑΙΟΤΗΤΑ ΤΗΣ ΕΛΛΗΝΟΡΟΥΜΑΝΙΚΗΣ ΦΙΛΙΑΣ

ΑΘΗΝΑΙ, 23.— Ο πρέσβυς της Ρουμανίας μίλησε χθες στην τηλεόραση για την ελληνορουμανική φιλία.

Η κυβέρνησις συνεχίζει τας επαφάς με τους αρμοδίους φορείς προκειμένου να εξετασθούν τα θέματα που αφορούν την ανάπτυξιν της περιοχής. Κατά τας πληροφορίας, αι σχετικαί αποφάσεις θα ληφθούν εντός των προσεχών ημερών, ενώ συνεχίζεται η μελέτη των υποβληθεισών προτάσεων από τας αρμοδίας υπηρεσίας. Οι εκπρόσωποι των εργαζομένων εξέφρασαν την ικανοποίησίν των διά την πορείαν των συζητήσεων και τόνισαν ότι θα παρακολουθούν στενά τας εξελίξεις. Εξ άλλου, ανακοινώθηκε ότι θα πραγματοποιηθή σύσκεψις υπό την προεδρίαν του αρμοδίου υπουργού.

ΔΥΟ ΑΠΑΡΑΔΕΚΤΕΣ ΣΥΜΒΑΣΕΙΣ ΜΕ ΤΗΝ ΔΙΕΘΝΗ ΤΡΑΠΕΖΑ ΚΑΤΑΓΓΕΛΛΟΝΤΑΙ ΑΠΟ ΤΟ ΤΕΧΝΙΚΟ ΕΠΙΜΕΛΗΤΗΡΙΟ

ΑΘΗΝΑΙ, 23.— Το Τεχνικό Επιμελητήριο καταγγέλλει δύο συμβάσεις με την Διεθνή Τράπεζα.

ΑΡΓΟΤΕΡΑ ΘΑ ΕΞΕΤΑΣΘΗ ΑΝΕΚΟΙΝΩΣΕ Ο Κ. ΝΤΕΜΙΡΕΛ ΑΝ Η ΤΟΥΡΚΙΑ ΘΑ ΚΑΜΗ ΓΕΩΤΡΗΣΕΙΣ ΣΤΟ ΑΙΓΑΙΟ
ΣΥΝΕΧΕΙΑ ΕΚ ΤΗΣ 1ΗΣ ΣΕΛ.

ΑΓΚΥΡΑ, 23.— Ο Τούρκος πρωθυπουργός κ. Ντεμιρέλ ανεκοίνωσε ότι θα εξετασθή αργότερα το θέμα των γεωτρήσεων στο Αιγαίο.

Η κυβέρνησις συνεχίζει τας επαφάς με τους αρμοδίους φορείς προκειμένου να εξετασθούν τα θέματα που αφορούν την ανάπτυξιν της περιοχής. Κατά τας πληροφορίας, αι σχετικαί αποφάσεις θα ληφθούν εντός των προσεχών ημερών, ενώ συνεχίζεται η μελέτη των υποβληθεισών προτάσεων από τας αρμοδίας υπηρεσίας. Οι εκπρόσωποι των εργαζομένων εξέφρασαν την ικανοποίησίν των διά την πορείαν των συζητήσεων και τόνισαν ότι θα παρακολουθούν στενά τας εξελίξεις. Εξ άλλου, ανακοινώθηκε ότι θα πραγματοποιηθή σύσκεψις υπό την προεδρίαν του αρμοδίου υπουργού.

Η κυβέρνησις συνεχίζει τας επαφάς με τους αρμοδίους φορείς προκειμένου να εξετασθούν τα θέματα που αφορούν την ανάπτυξιν της περιοχής. Κατά τας πληροφορίας, αι σχετικαί αποφάσεις θα ληφθούν εντός των προσεχών ημερών, ενώ συνεχίζεται η μελέτη των υποβληθεισών προτάσεων από τας αρμοδίας υπηρεσίας. Οι εκπρόσωποι των εργαζομένων εξέφρασαν την ικανοποίησίν των διά την πορείαν των συζητήσεων και τόνισαν ότι θα παρακολουθούν στενά τας εξελίξεις. Εξ άλλου, ανακοινώθηκε ότι θα πραγματοποιηθή σύσκεψις υπό την προεδρίαν του αρμοδίου υπουργού.

Η κυβέρνησις συνεχίζει τας επαφάς με τους αρμοδίους φορείς προκειμένου να εξετασθούν τα θέματα που αφορούν την ανάπτυξιν της περιοχής. Κατά τας πληροφορίας, αι σχετικαί αποφάσεις θα ληφθούν εντός των προσεχών ημερών, ενώ συνεχίζεται η μελέτη των υποβληθεισών προτάσεων από τας αρμοδίας υπηρεσίας. Οι εκπρόσωποι των εργαζομένων εξέφρασαν την ικανοποίησίν των διά την πορείαν των συζητήσεων και τόνισαν ότι θα παρακολουθούν στενά τας εξελίξεις. Εξ άλλου, ανακοινώθηκε ότι θα πραγματοποιηθή σύσκεψις υπό την προεδρίαν του αρμοδίου υπουργού.

ΣΥΜΠΑΡΑΣΤΑΣΗ

Η κυβέρνησις συνεχίζει τας επαφάς με τους αρμοδίους φορείς προκειμένου να εξετασθούν τα θέματα που αφορούν την ανάπτυξιν της περιοχής. Κατά τας πληροφορίας, αι σχετικαί αποφάσεις θα ληφθούν εντός των προσεχών ημερών, ενώ συνεχίζεται η μελέτη των υποβληθεισών προτάσεων από τας αρμοδίας υπηρεσίας. Οι εκπρόσωποι των εργαζομένων εξέφρασαν την ικανοποίησίν των διά την πορείαν των συζητήσεων και τόνισαν ότι θα παρακολουθούν στενά τας εξελίξεις. Εξ άλλου, ανακοινώθηκε ότι θα πραγματοποιηθή σύσκεψις υπό την προεδρίαν του αρμοδίου υπουργού.

Η κυβέρνησις συνεχίζει τας επαφάς με τους αρμοδίους φορείς προκειμένου να εξετασθούν τα θέματα που αφορούν την ανάπτυξιν της περιοχής. Κατά τας πληροφορίας, αι σχετικαί αποφάσεις θα ληφθούν εντός των προσεχών ημερών, ενώ συνεχίζεται η μελέτη των υποβληθεισών προτάσεων από τας αρμοδίας υπηρεσίας. Οι εκπρόσωποι των εργαζομένων εξέφρασαν την ικανοποίησίν των διά την πορείαν των συζητήσεων και τόνισαν ότι θα παρακολουθούν στενά τας εξελίξεις. Εξ άλλου, ανακοινώθηκε ότι θα πραγματοποιηθή σύσκεψις υπό την προεδρίαν του αρμοδίου υπουργού.

ΤΟ ΘΕΜΑ ΤΩΝ ΓΕΩΤΡΗΣΕΩΝ

Η κυβέρνησις συνεχίζει τας επαφάς με τους αρμοδίους φορείς προκειμένου να εξετασθούν τα θέματα που αφορούν την ανάπτυξιν της περιοχής. Κατά τας πληροφορίας, αι σχετικαί αποφάσεις θα ληφθούν εντός των προσεχών ημερών, ενώ συνεχίζεται η μελέτη των υποβληθεισών προτάσεων από τας αρμοδίας υπηρεσίας. Οι εκπρόσωποι των εργαζομένων εξέφρασαν την ικανοποίησίν των διά την πορείαν των συζητήσεων και τόνισαν ότι θα παρακολουθούν στενά τας εξελίξεις. Εξ άλλου, ανακοινώθηκε ότι θα πραγματοποιηθή σύσκεψις υπό την προεδρίαν του αρμοδίου υπουργού.

Η κυβέρνησις συνεχίζει τας επαφάς με τους αρμοδίους φορείς προκειμένου να εξετασθούν τα θέματα που αφορούν την ανάπτυξιν της περιοχής. Κατά τας πληροφορίας, αι σχετικαί αποφάσεις θα ληφθούν εντός των προσεχών ημερών, ενώ συνεχίζεται η μελέτη των υποβληθεισών προτάσεων από τας αρμοδίας υπηρεσίας. Οι εκπρόσωποι των εργαζομένων εξέφρασαν την ικανοποίησίν των διά την πορείαν των συζητήσεων και τόνισαν ότι θα παρακολουθούν στενά τας εξελίξεις. Εξ άλλου, ανακοινώθηκε ότι θα πραγματοποιηθή σύσκεψις υπό την προεδρίαν του αρμοδίου υπουργού.

Η κυβέρνησις συνεχίζει τας επαφάς με τους αρμοδίους φορείς προκειμένου να εξετασθούν τα θέματα που αφορούν την ανάπτυξιν της περιοχής. Κατά τας πληροφορίας, αι σχετικαί αποφάσεις θα ληφθούν εντός των προσεχών ημερών, ενώ συνεχίζεται η μελέτη των υποβληθεισών προτάσεων από τας αρμοδίας υπηρεσίας. Οι εκπρόσωποι των εργαζομένων εξέφρασαν την ικανοποίησίν των διά την πορείαν των συζητήσεων και τόνισαν ότι θα παρακολουθούν στενά τας εξελίξεις. Εξ άλλου, ανακοινώθηκε ότι θα πραγματοποιηθή σύσκεψις υπό την προεδρίαν του αρμοδίου υπουργού.

Η κυβέρνησις συνεχίζει τας επαφάς με τους αρμοδίους φορείς προκειμένου να εξετασθούν τα θέματα που αφορούν την ανάπτυξιν της περιοχής. Κατά τας πληροφορίας, αι σχετικαί αποφάσεις θα ληφθούν εντός των προσεχών ημερών, ενώ συνεχίζεται η μελέτη των υποβληθεισών προτάσεων από τας αρμοδίας υπηρεσίας. Οι εκπρόσωποι των εργαζομένων εξέφρασαν την ικανοποίησίν των διά την πορείαν των συζητήσεων και τόνισαν ότι θα παρακολουθούν στενά τας εξελίξεις. Εξ άλλου, ανακοινώθηκε ότι θα πραγματοποιηθή σύσκεψις υπό την προεδρίαν του αρμοδίου υπουργού.
